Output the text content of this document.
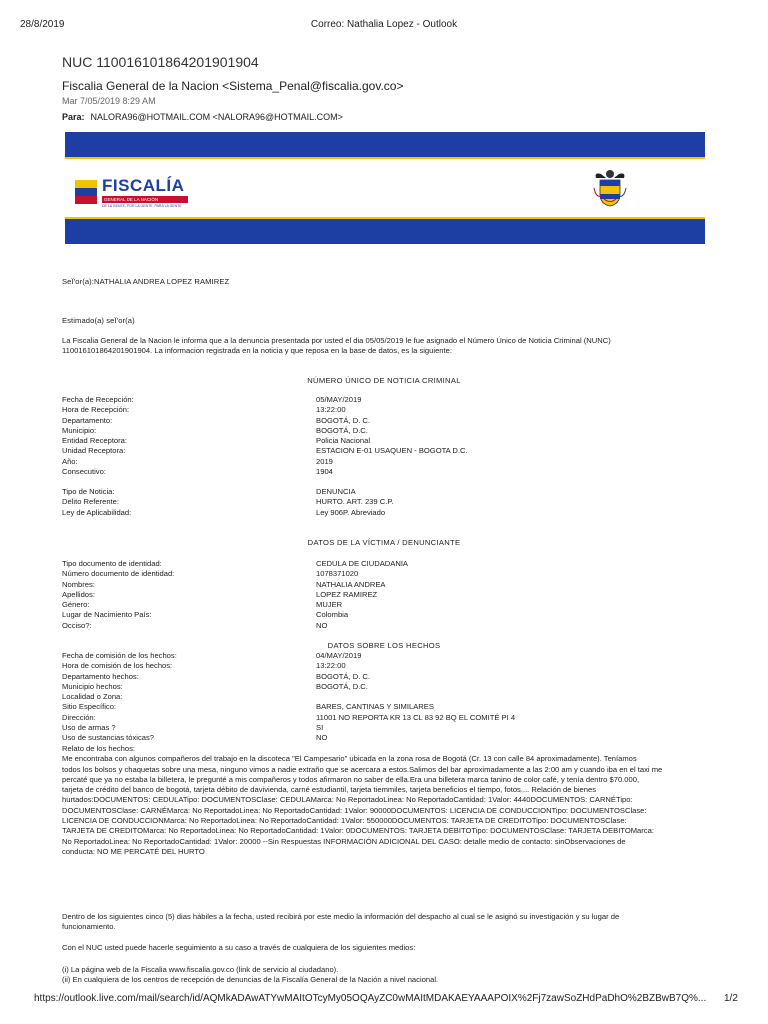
28/8/2019	Correo: Nathalia Lopez - Outlook
NUC 110016101864201901904
Fiscalia General de la Nacion <Sistema_Penal@fiscalia.gov.co>
Mar 7/05/2019 8:29 AM
Para: NALORA96@HOTMAIL.COM <NALORA96@HOTMAIL.COM>
FISCALÍA
GENERAL DE LA NACIÓN
DE LA GENTE, POR LA GENTE, PARA LA GENTE
SeÏ'or(a):NATHALIA ANDREA LOPEZ RAMIREZ
Estimado(a) seÏ'or(a)
La Fiscalia General de la Nacion le informa que a la denuncia presentada por usted el dia 05/05/2019 le fue asignado el Número Único de Noticia Criminal (NUNC)
110016101864201901904. La informacion registrada en la noticia y que reposa en la base de datos, es la siguiente:
NÚMERO ÚNICO DE NOTICIA CRIMINAL
Fecha de Recepción:	05/MAY/2019
Hora de Recepción:	13:22:00
Departamento:	BOGOTÁ, D. C.
Municipio:	BOGOTÁ, D.C.
Entidad Receptora:	Policia Nacional
Unidad Receptora:	ESTACION E-01 USAQUEN - BOGOTA D.C.
Año:	2019
Consecutivo:	1904
Tipo de Noticia:	DENUNCIA
Delito Referente:	HURTO. ART. 239 C.P.
Ley de Aplicabilidad:	Ley 906P. Abreviado
DATOS DE LA VÍCTIMA / DENUNCIANTE
Tipo documento de identidad:	CEDULA DE CIUDADANIA
Número documento de identidad:	1078371020
Nombres:	NATHALIA ANDREA
Apellidos:	LOPEZ RAMIREZ
Género:	MUJER
Lugar de Nacimiento País:	Colombia
Occiso?:	NO
DATOS SOBRE LOS HECHOS
Fecha de comisión de los hechos:	04/MAY/2019
Hora de comisión de los hechos:	13:22:00
Departamento hechos:	BOGOTÁ, D. C.
Municipio hechos:	BOGOTÁ, D.C.
Localidad o Zona:
Sitio Específico:	BARES, CANTINAS Y SIMILARES
Dirección:	11001 NO REPORTA KR 13 CL 83 92 BQ EL COMITÉ PI 4
Uso de armas ?	SI
Uso de sustancias tóxicas?	NO
Relato de los hechos:
Me encontraba con algunos compañeros del trabajo en la discoteca "El Campesario" ubicada en la zona rosa de Bogotá (Cr. 13 con calle 84 aproximadamente). Teníamos
todos los bolsos y chaquetas sobre una mesa, ninguno vimos a nadie extraño que se acercara a estos.Salimos del bar aproximadamente a las 2:00 am y cuando iba en el taxi me
percaté que ya no estaba la billetera, le pregunté a mis compañeros y todos afirmaron no saber de ella.Era una billetera marca tanino de color café, y tenía dentro $70.000,
tarjeta de crédito del banco de bogotá, tarjeta débito de davivienda, carné estudiantil, tarjeta tiemmiles, tarjeta beneficios el tiempo, fotos.... Relación de bienes
hurtados:DOCUMENTOS: CEDULATipo: DOCUMENTOSClase: CEDULAMarca: No ReportadoLinea: No ReportadoCantidad: 1Valor: 4440DOCUMENTOS: CARNÉTipo:
DOCUMENTOSClase: CARNÉMarca: No ReportadoLinea: No ReportadoCantidad: 1Valor: 90000DOCUMENTOS: LICENCIA DE CONDUCCIONTipo: DOCUMENTOSClase:
LICENCIA DE CONDUCCIONMarca: No ReportadoLinea: No ReportadoCantidad: 1Valor: 550000DOCUMENTOS: TARJETA DE CREDITOTipo: DOCUMENTOSClase:
TARJETA DE CREDITOMarca: No ReportadoLinea: No ReportadoCantidad: 1Valor: 0DOCUMENTOS: TARJETA DEBITOTipo: DOCUMENTOSClase: TARJETA DEBITOMarca:
No ReportadoLinea: No ReportadoCantidad: 1Valor: 20000 --Sin Respuestas INFORMACIÓN ADICIONAL DEL CASO: detalle medio de contacto: sinObservaciones de
conducta: NO ME PERCATÉ DEL HURTO
Dentro de los siguientes cinco (5) dias hábiles a la fecha, usted recibirá por este medio la información del despacho al cual se le asignó su investigación y su lugar de
funcionamiento.
Con el NUC usted puede hacerle seguimiento a su caso a través de cualquiera de los siguientes medios:
(i) La página web de la Fiscalia www.fiscalia.gov.co (link de servicio al ciudadano).
(ii) En cualquiera de los centros de recepción de denuncias de la Fiscalía General de la Nación a nivel nacional.
https://outlook.live.com/mail/search/id/AQMkADAwATYwMAItOTcyMy05OQAyZC0wMAItMDAKAEYAAAPOIX%2Fj7zawSoZHdPaDhO%2BZBwB7Q%... 1/2
